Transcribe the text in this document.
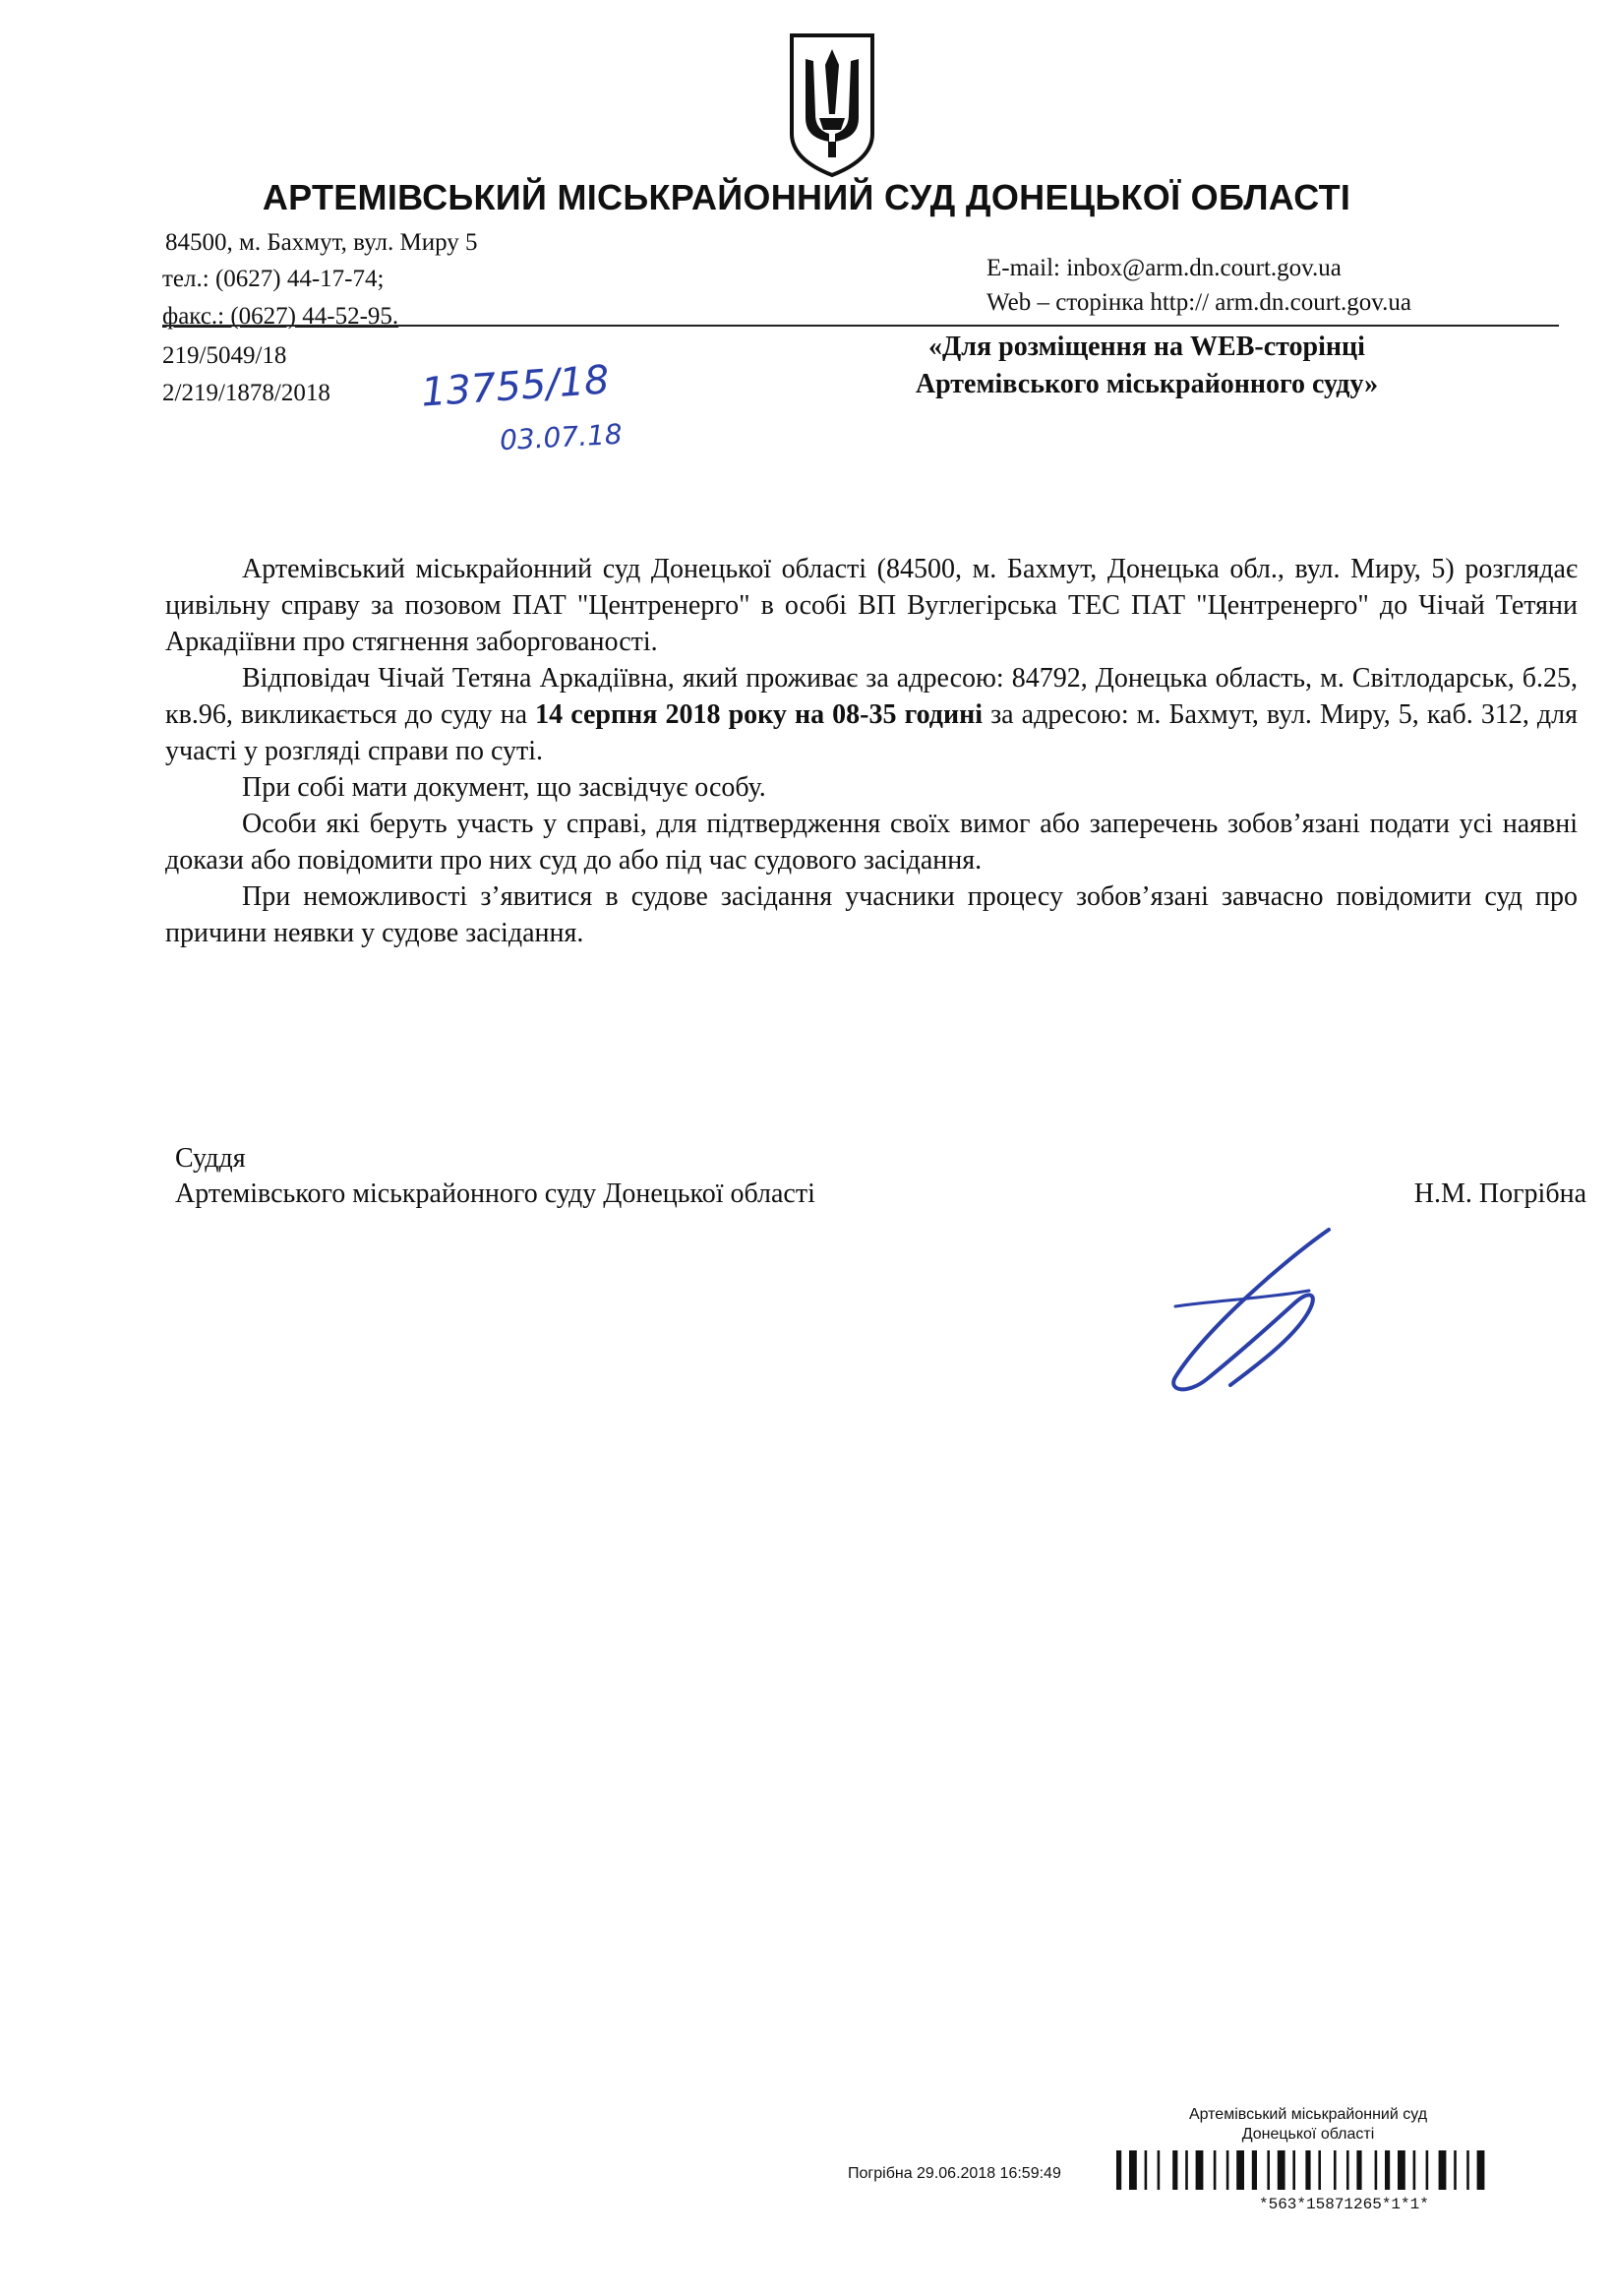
АРТЕМІВСЬКИЙ МІСЬКРАЙОННИЙ СУД ДОНЕЦЬКОЇ ОБЛАСТІ
84500, м. Бахмут, вул. Миру 5
тел.: (0627) 44-17-74;
факс.: (0627) 44-52-95.
E-mail: inbox@arm.dn.court.gov.ua
Web – сторінка http:// arm.dn.court.gov.ua
219/5049/18
2/219/1878/2018 13755/18
03.07.18
«Для розміщення на WEB-сторінці
Артемівського міськрайонного суду»

Артемівський міськрайонний суд Донецької області (84500, м. Бахмут, Донецька обл., вул. Миру, 5) розглядає цивільну справу за позовом ПАТ "Центренерго" в особі ВП Вуглегірська ТЕС ПАТ "Центренерго" до Чічай Тетяни Аркадіївни про стягнення заборгованості.

Відповідач Чічай Тетяна Аркадіївна, який проживає за адресою: 84792, Донецька область, м. Світлодарськ, б.25, кв.96, викликається до суду на 14 серпня 2018 року на 08-35 годині за адресою: м. Бахмут, вул. Миру, 5, каб. 312, для участі у розгляді справи по суті.

При собі мати документ, що засвідчує особу.

Особи які беруть участь у справі, для підтвердження своїх вимог або заперечень зобов’язані подати усі наявні докази або повідомити про них суд до або під час судового засідання.

При неможливості з’явитися в судове засідання учасники процесу зобов’язані завчасно повідомити суд про причини неявки у судове засідання.

Суддя
Артемівського міськрайонного суду Донецької області	Н.М. Погрібна
Артемівський міськрайонний суд
Донецької області
Погрібна 29.06.2018 16:59:49
*563*15871265*1*1*
